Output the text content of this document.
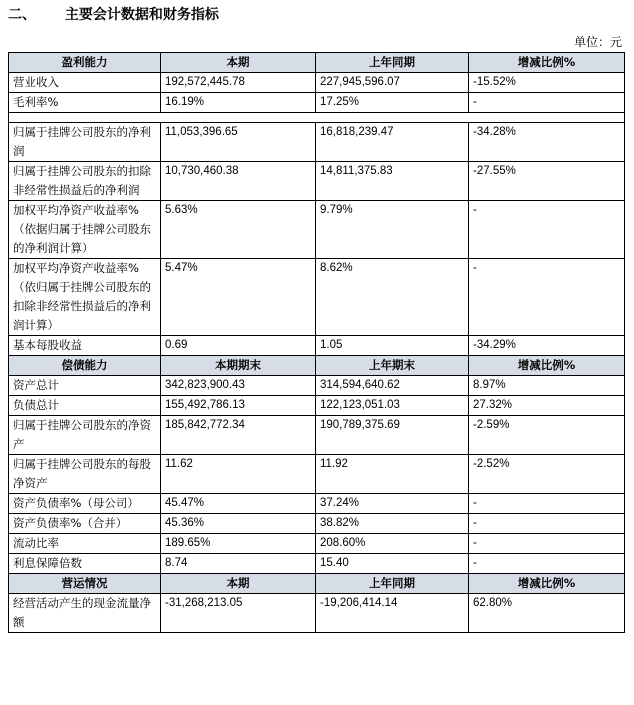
二、 主要会计数据和财务指标
单位：元
盈利能力	本期	上年同期	增减比例%
营业收入	192,572,445.78	227,945,596.07	-15.52%
毛利率%	16.19%	17.25%	-

归属于挂牌公司股东的净利润	11,053,396.65	16,818,239.47	-34.28%
归属于挂牌公司股东的扣除非经常性损益后的净利润	10,730,460.38	14,811,375.83	-27.55%
加权平均净资产收益率%（依据归属于挂牌公司股东的净利润计算）	5.63%	9.79%	-
加权平均净资产收益率%（依归属于挂牌公司股东的扣除非经常性损益后的净利润计算）	5.47%	8.62%	-
基本每股收益	0.69	1.05	-34.29%
偿债能力	本期期末	上年期末	增减比例%
资产总计	342,823,900.43	314,594,640.62	8.97%
负债总计	155,492,786.13	122,123,051.03	27.32%
归属于挂牌公司股东的净资产	185,842,772.34	190,789,375.69	-2.59%
归属于挂牌公司股东的每股净资产	11.62	11.92	-2.52%
资产负债率%（母公司）	45.47%	37.24%	-
资产负债率%（合并）	45.36%	38.82%	-
流动比率	189.65%	208.60%	-
利息保障倍数	8.74	15.40	-
营运情况	本期	上年同期	增减比例%
经营活动产生的现金流量净额	-31,268,213.05	-19,206,414.14	62.80%
